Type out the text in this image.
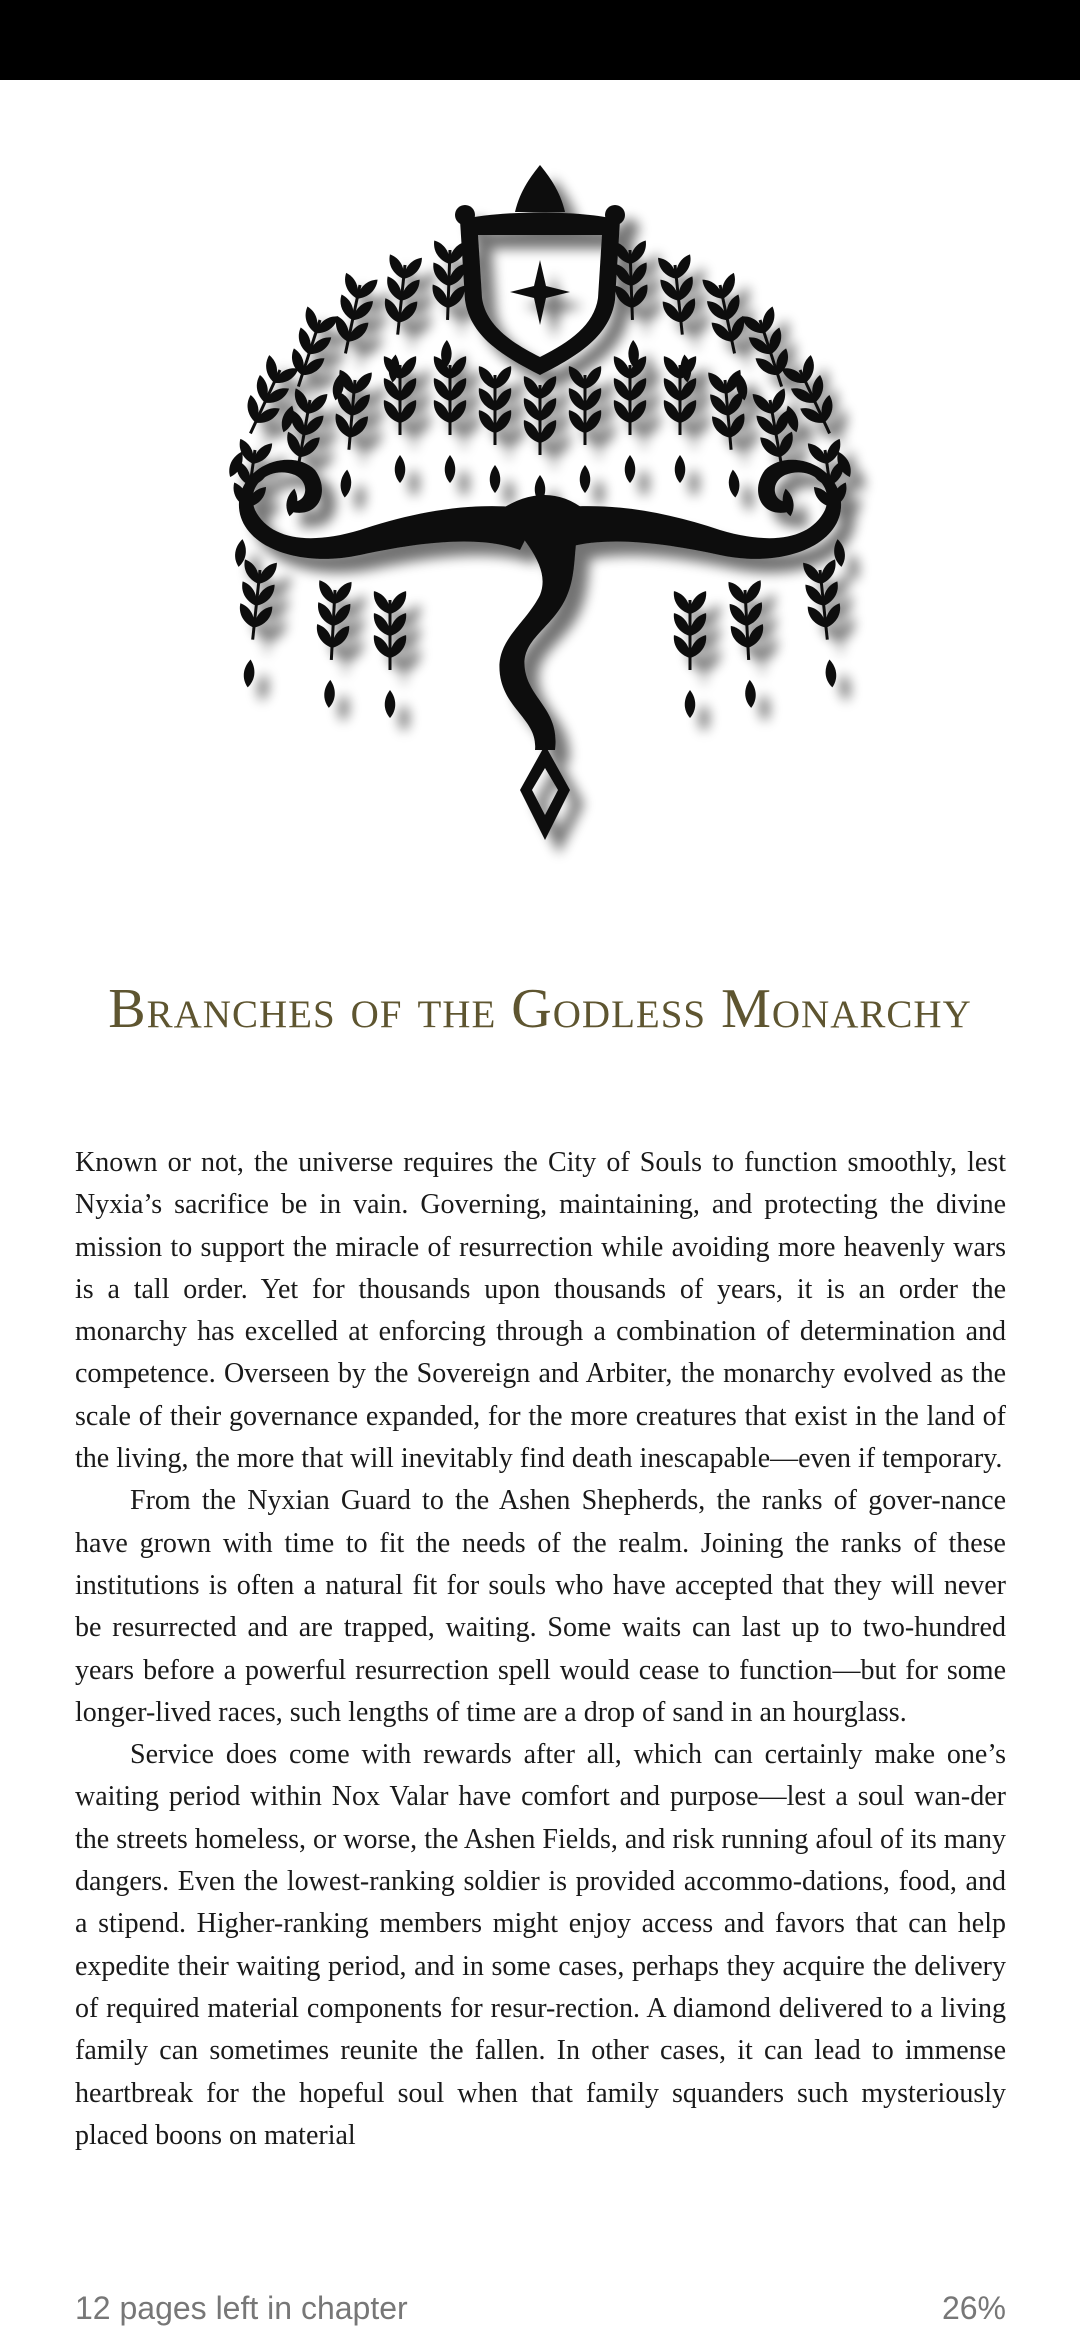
Branches of the Godless Monarchy

Known or not, the universe requires the City of Souls to function smoothly, lest Nyxia’s sacrifice be in vain. Governing, maintaining, and protecting the divine mission to support the miracle of resurrection while avoiding more heavenly wars is a tall order. Yet for thousands upon thousands of years, it is an order the monarchy has excelled at enforcing through a combination of determination and competence. Overseen by the Sovereign and Arbiter, the monarchy evolved as the scale of their governance expanded, for the more creatures that exist in the land of the living, the more that will inevitably find death inescapable—even if temporary.

From the Nyxian Guard to the Ashen Shepherds, the ranks of gover-nance have grown with time to fit the needs of the realm. Joining the ranks of these institutions is often a natural fit for souls who have accepted that they will never be resurrected and are trapped, waiting. Some waits can last up to two-hundred years before a powerful resurrection spell would cease to function—but for some longer-lived races, such lengths of time are a drop of sand in an hourglass.

Service does come with rewards after all, which can certainly make one’s waiting period within Nox Valar have comfort and purpose—lest a soul wan-der the streets homeless, or worse, the Ashen Fields, and risk running afoul of its many dangers. Even the lowest-ranking soldier is provided accommo-dations, food, and a stipend. Higher-ranking members might enjoy access and favors that can help expedite their waiting period, and in some cases, perhaps they acquire the delivery of required material components for resur-rection. A diamond delivered to a living family can sometimes reunite the fallen. In other cases, it can lead to immense heartbreak for the hopeful soul when that family squanders such mysteriously placed boons on material

12 pages left in chapter	26%
